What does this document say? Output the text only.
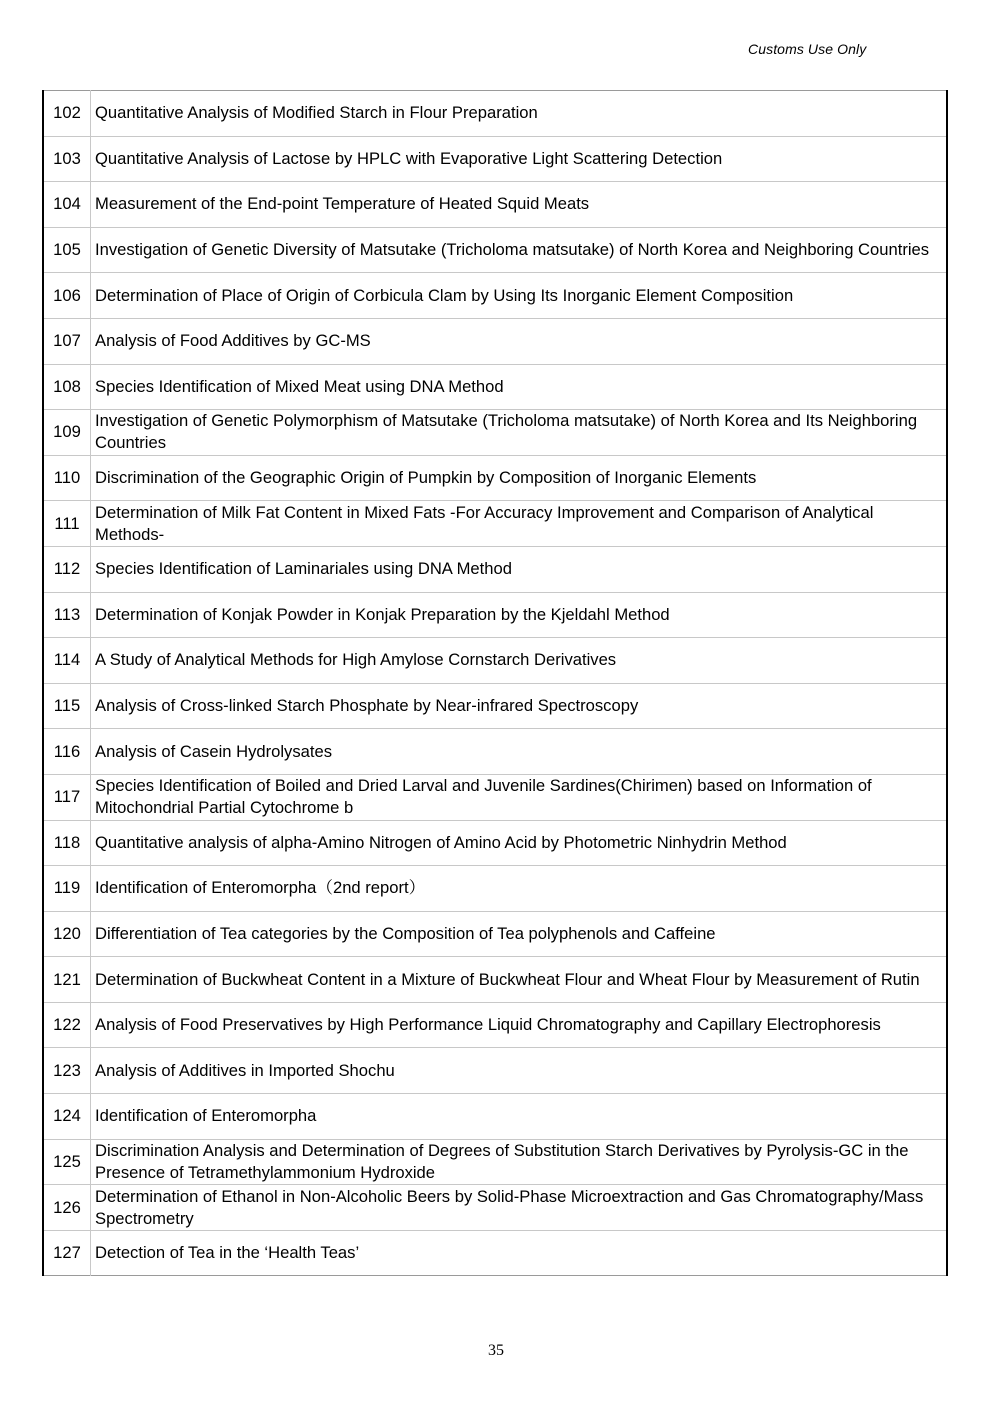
Customs Use Only
102	Quantitative Analysis of Modified Starch in Flour Preparation
103	Quantitative Analysis of Lactose by HPLC with Evaporative Light Scattering Detection
104	Measurement of the End-point Temperature of Heated Squid Meats
105	Investigation of Genetic Diversity of Matsutake (Tricholoma matsutake) of North Korea and Neighboring Countries
106	Determination of Place of Origin of Corbicula Clam by Using Its Inorganic Element Composition
107	Analysis of Food Additives by GC-MS
108	Species Identification of Mixed Meat using DNA Method
109	Investigation of Genetic Polymorphism of Matsutake (Tricholoma matsutake) of North Korea and Its Neighboring Countries
110	Discrimination of the Geographic Origin of Pumpkin by Composition of Inorganic Elements
111	Determination of Milk Fat Content in Mixed Fats -For Accuracy Improvement and Comparison of Analytical Methods-
112	Species Identification of Laminariales using DNA Method
113	Determination of Konjak Powder in Konjak Preparation by the Kjeldahl Method
114	A Study of Analytical Methods for High Amylose Cornstarch Derivatives
115	Analysis of Cross-linked Starch Phosphate by Near-infrared Spectroscopy
116	Analysis of Casein Hydrolysates
117	Species Identification of Boiled and Dried Larval and Juvenile Sardines(Chirimen) based on Information of Mitochondrial Partial Cytochrome b
118	Quantitative analysis of alpha-Amino Nitrogen of Amino Acid by Photometric Ninhydrin Method
119	Identification of Enteromorpha（2nd report）
120	Differentiation of Tea categories by the Composition of Tea polyphenols and Caffeine
121	Determination of Buckwheat Content in a Mixture of Buckwheat Flour and Wheat Flour by Measurement of Rutin
122	Analysis of Food Preservatives by High Performance Liquid Chromatography and Capillary Electrophoresis
123	Analysis of Additives in Imported Shochu
124	Identification of Enteromorpha
125	Discrimination Analysis and Determination of Degrees of Substitution Starch Derivatives by Pyrolysis-GC in the Presence of Tetramethylammonium Hydroxide
126	Determination of Ethanol in Non-Alcoholic Beers by Solid-Phase Microextraction and Gas Chromatography/Mass Spectrometry
127	Detection of Tea in the ‘Health Teas’
35
